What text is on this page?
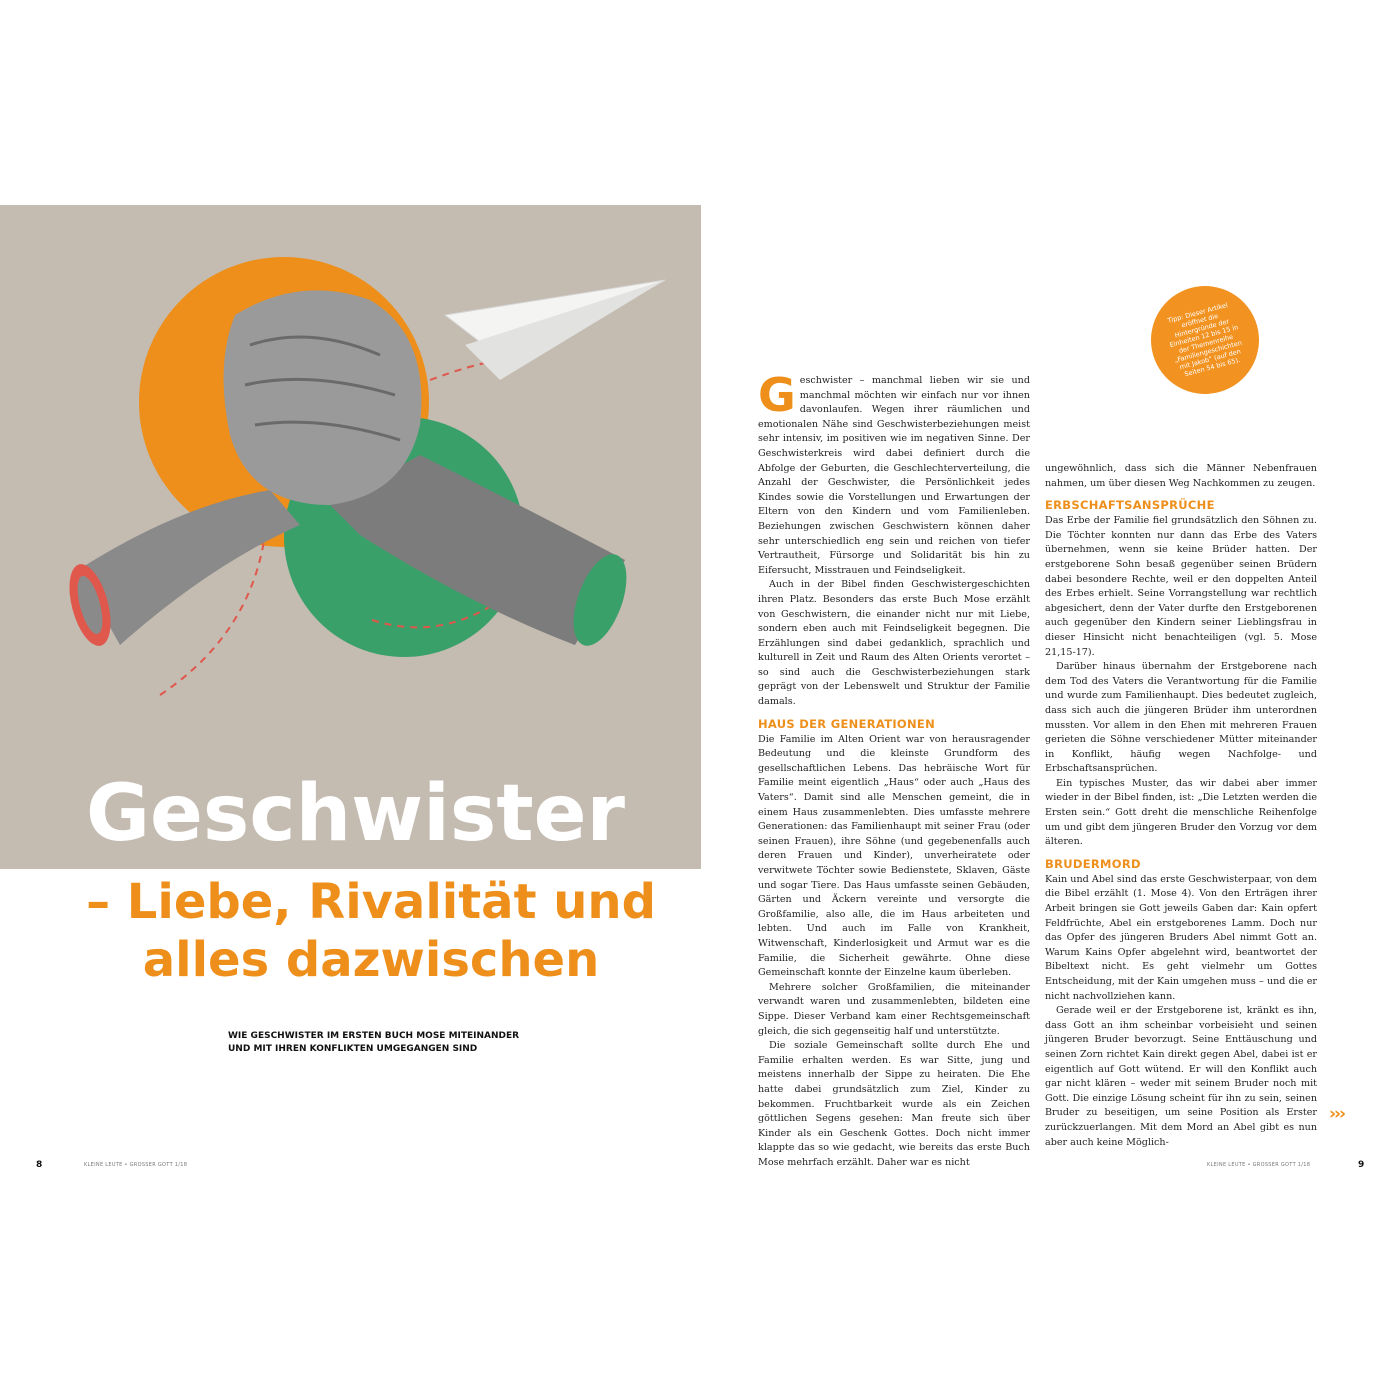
Geschwister
– Liebe, Rivalität und alles dazwischen
WIE GESCHWISTER IM ERSTEN BUCH MOSE MITEINANDER UND MIT IHREN KONFLIKTEN UMGEGANGEN SIND
8	KLEINE LEUTE • GROSSER GOTT 1/18
Tipp: Dieser Artikel eröffnet die Hintergründe der Einheiten 12 bis 15 in der Themenreihe „Familiengeschichten mit Jakob“ (auf den Seiten 54 bis 65).

Geschwister – manchmal lieben wir sie und manchmal möchten wir einfach nur vor ihnen davonlaufen. Wegen ihrer räumlichen und emotionalen Nähe sind Geschwisterbeziehungen meist sehr intensiv, im positiven wie im negativen Sinne. Der Geschwisterkreis wird dabei definiert durch die Abfolge der Geburten, die Geschlechterverteilung, die Anzahl der Geschwister, die Persönlichkeit jedes Kindes sowie die Vorstellungen und Erwartungen der Eltern von den Kindern und vom Familienleben. Beziehungen zwischen Geschwistern können daher sehr unterschiedlich eng sein und reichen von tiefer Vertrautheit, Fürsorge und Solidarität bis hin zu Eifersucht, Misstrauen und Feindseligkeit.

Auch in der Bibel finden Geschwistergeschichten ihren Platz. Besonders das erste Buch Mose erzählt von Geschwistern, die einander nicht nur mit Liebe, sondern eben auch mit Feindseligkeit begegnen. Die Erzählungen sind dabei gedanklich, sprachlich und kulturell in Zeit und Raum des Alten Orients verortet – so sind auch die Geschwisterbeziehungen stark geprägt von der Lebenswelt und Struktur der Familie damals.

HAUS DER GENERATIONEN

Die Familie im Alten Orient war von herausragender Bedeutung und die kleinste Grundform des gesellschaftlichen Lebens. Das hebräische Wort für Familie meint eigentlich „Haus“ oder auch „Haus des Vaters“. Damit sind alle Menschen gemeint, die in einem Haus zusammenlebten. Dies umfasste mehrere Generationen: das Familienhaupt mit seiner Frau (oder seinen Frauen), ihre Söhne (und gegebenenfalls auch deren Frauen und Kinder), unverheiratete oder verwitwete Töchter sowie Bedienstete, Sklaven, Gäste und sogar Tiere. Das Haus umfasste seinen Gebäuden, Gärten und Äckern vereinte und versorgte die Großfamilie, also alle, die im Haus arbeiteten und lebten. Und auch im Falle von Krankheit, Witwenschaft, Kinderlosigkeit und Armut war es die Familie, die Sicherheit gewährte. Ohne diese Gemeinschaft konnte der Einzelne kaum überleben.

Mehrere solcher Großfamilien, die miteinander verwandt waren und zusammenlebten, bildeten eine Sippe. Dieser Verband kam einer Rechtsgemeinschaft gleich, die sich gegenseitig half und unterstützte.

Die soziale Gemeinschaft sollte durch Ehe und Familie erhalten werden. Es war Sitte, jung und meistens innerhalb der Sippe zu heiraten. Die Ehe hatte dabei grundsätzlich zum Ziel, Kinder zu bekommen. Fruchtbarkeit wurde als ein Zeichen göttlichen Segens gesehen: Man freute sich über Kinder als ein Geschenk Gottes. Doch nicht immer klappte das so wie gedacht, wie bereits das erste Buch Mose mehrfach erzählt. Daher war es nicht

ungewöhnlich, dass sich die Männer Nebenfrauen nahmen, um über diesen Weg Nachkommen zu zeugen.

ERBSCHAFTSANSPRÜCHE

Das Erbe der Familie fiel grundsätzlich den Söhnen zu. Die Töchter konnten nur dann das Erbe des Vaters übernehmen, wenn sie keine Brüder hatten. Der erstgeborene Sohn besaß gegenüber seinen Brüdern dabei besondere Rechte, weil er den doppelten Anteil des Erbes erhielt. Seine Vorrangstellung war rechtlich abgesichert, denn der Vater durfte den Erstgeborenen auch gegenüber den Kindern seiner Lieblingsfrau in dieser Hinsicht nicht benachteiligen (vgl. 5. Mose 21,15-17).

Darüber hinaus übernahm der Erstgeborene nach dem Tod des Vaters die Verantwortung für die Familie und wurde zum Familienhaupt. Dies bedeutet zugleich, dass sich auch die jüngeren Brüder ihm unterordnen mussten. Vor allem in den Ehen mit mehreren Frauen gerieten die Söhne verschiedener Mütter miteinander in Konflikt, häufig wegen Nachfolge- und Erbschaftsansprüchen.

Ein typisches Muster, das wir dabei aber immer wieder in der Bibel finden, ist: „Die Letzten werden die Ersten sein.“ Gott dreht die menschliche Reihenfolge um und gibt dem jüngeren Bruder den Vorzug vor dem älteren.

BRUDERMORD

Kain und Abel sind das erste Geschwisterpaar, von dem die Bibel erzählt (1. Mose 4). Von den Erträgen ihrer Arbeit bringen sie Gott jeweils Gaben dar: Kain opfert Feldfrüchte, Abel ein erstgeborenes Lamm. Doch nur das Opfer des jüngeren Bruders Abel nimmt Gott an. Warum Kains Opfer abgelehnt wird, beantwortet der Bibeltext nicht. Es geht vielmehr um Gottes Entscheidung, mit der Kain umgehen muss – und die er nicht nachvollziehen kann.

Gerade weil er der Erstgeborene ist, kränkt es ihn, dass Gott an ihm scheinbar vorbeisieht und seinen jüngeren Bruder bevorzugt. Seine Enttäuschung und seinen Zorn richtet Kain direkt gegen Abel, dabei ist er eigentlich auf Gott wütend. Er will den Konflikt auch gar nicht klären – weder mit seinem Bruder noch mit Gott. Die einzige Lösung scheint für ihn zu sein, seinen Bruder zu beseitigen, um seine Position als Erster zurückzuerlangen. Mit dem Mord an Abel gibt es nun aber auch keine Möglich-

›››
KLEINE LEUTE • GROSSER GOTT 1/18	9
